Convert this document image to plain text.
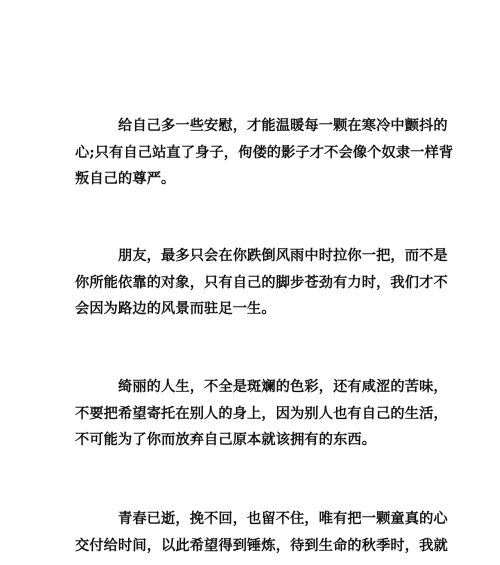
给自己多一些安慰，才能温暖每一颗在寒冷中颤抖的
心;只有自己站直了身子，佝偻的影子才不会像个奴隶一样背
叛自己的尊严。
朋友，最多只会在你跌倒风雨中时拉你一把，而不是
你所能依靠的对象，只有自己的脚步苍劲有力时，我们才不
会因为路边的风景而驻足一生。
绮丽的人生，不全是斑斓的色彩，还有咸涩的苦味，
不要把希望寄托在别人的身上，因为别人也有自己的生活，
不可能为了你而放弃自己原本就该拥有的东西。
青春已逝，挽不回，也留不住，唯有把一颗童真的心
交付给时间，以此希望得到锤炼，待到生命的秋季时，我就
